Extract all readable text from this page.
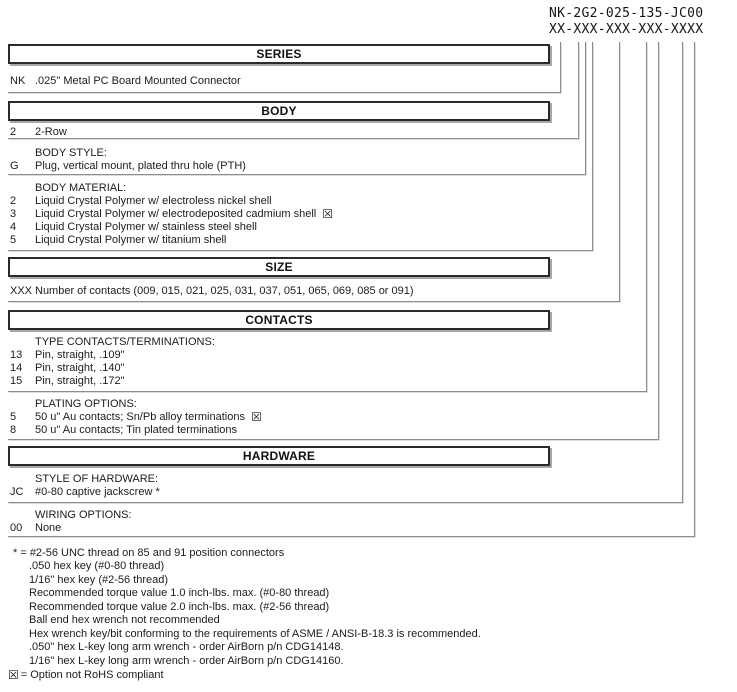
NK-2G2-025-135-JC00
XX-XXX-XXX-XXX-XXXX
SERIES
NK .025" Metal PC Board Mounted Connector
BODY
2 2-Row
BODY STYLE:
G Plug, vertical mount, plated thru hole (PTH)
BODY MATERIAL:
2 Liquid Crystal Polymer w/ electroless nickel shell
3 Liquid Crystal Polymer w/ electrodeposited cadmium shell ☒
4 Liquid Crystal Polymer w/ stainless steel shell
5 Liquid Crystal Polymer w/ titanium shell
SIZE
XXX Number of contacts (009, 015, 021, 025, 031, 037, 051, 065, 069, 085 or 091)
CONTACTS
TYPE CONTACTS/TERMINATIONS:
13 Pin, straight, .109"
14 Pin, straight, .140"
15 Pin, straight, .172"
PLATING OPTIONS:
5 50 u" Au contacts; Sn/Pb alloy terminations ☒
8 50 u" Au contacts; Tin plated terminations
HARDWARE
STYLE OF HARDWARE:
JC #0-80 captive jackscrew *
WIRING OPTIONS:
00 None
* = #2-56 UNC thread on 85 and 91 position connectors
.050 hex key (#0-80 thread)
1/16" hex key (#2-56 thread)
Recommended torque value 1.0 inch-lbs. max. (#0-80 thread)
Recommended torque value 2.0 inch-lbs. max. (#2-56 thread)
Ball end hex wrench not recommended
Hex wrench key/bit conforming to the requirements of ASME / ANSI-B-18.3 is recommended.
.050" hex L-key long arm wrench - order AirBorn p/n CDG14148.
1/16" hex L-key long arm wrench - order AirBorn p/n CDG14160.
☒ = Option not RoHS compliant
